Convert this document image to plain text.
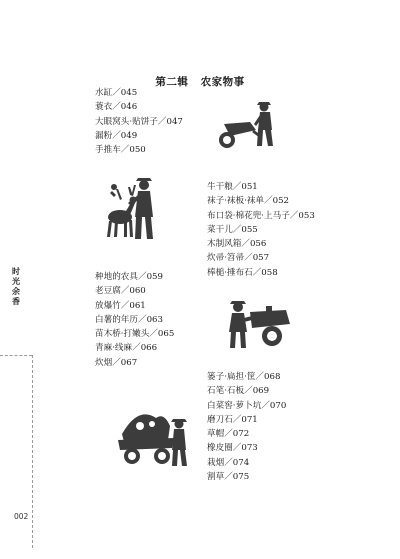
时
光
余
香
002
第二辑 农家物事
水缸／045
蓑衣／046
大眼窝头·贴饼子／047
漏粉／049
手推车／050
种地的农具／059
老豆腐／060
放爆竹／061
白薯的年历／063
苗木桥·打嫩头／065
青麻·线麻／066
炊烟／067
牛干粮／051
袜子·袜板·袜单／052
布口袋·棉花兜·上马子／053
菜干儿／055
木制风箱／056
炊帚·笤帚／057
棒槌·捶布石／058
篓子·扁担·筐／068
石笔·石板／069
白菜窖·萝卜坑／070
磨刀石／071
草帽／072
橡皮圈／073
栽烟／074
割草／075
